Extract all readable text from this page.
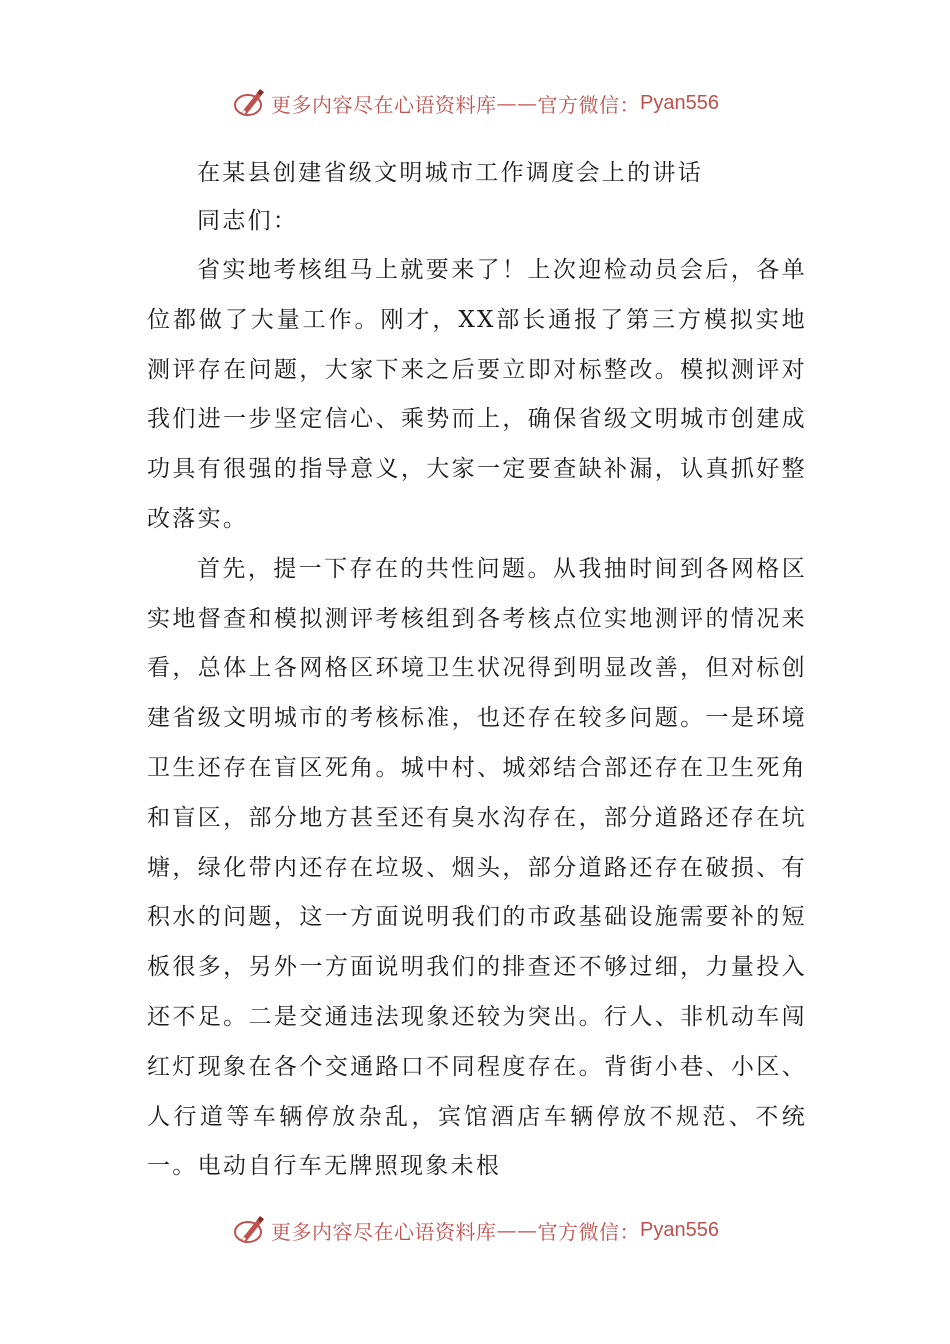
更多内容尽在心语资料库 —— 官方微信： Pyan556
在某县创建省级文明城市工作调度会上的讲话

同志们：

省实地考核组马上就要来了！上次迎检动员会后，各单位都做了大量工作。刚才，XX部长通报了第三方模拟实地测评存在问题，大家下来之后要立即对标整改。模拟测评对我们进一步坚定信心、乘势而上，确保省级文明城市创建成功具有很强的指导意义，大家一定要查缺补漏，认真抓好整改落实。

首先，提一下存在的共性问题。从我抽时间到各网格区实地督查和模拟测评考核组到各考核点位实地测评的情况来看，总体上各网格区环境卫生状况得到明显改善，但对标创建省级文明城市的考核标准，也还存在较多问题。一是环境卫生还存在盲区死角。城中村、城郊结合部还存在卫生死角和盲区，部分地方甚至还有臭水沟存在，部分道路还存在坑塘，绿化带内还存在垃圾、烟头，部分道路还存在破损、有积水的问题，这一方面说明我们的市政基础设施需要补的短板很多，另外一方面说明我们的排查还不够过细，力量投入还不足。二是交通违法现象还较为突出。行人、非机动车闯红灯现象在各个交通路口不同程度存在。背街小巷、小区、人行道等车辆停放杂乱，宾馆酒店车辆停放不规范、不统一。电动自行车无牌照现象未根

更多内容尽在心语资料库 —— 官方微信： Pyan556
